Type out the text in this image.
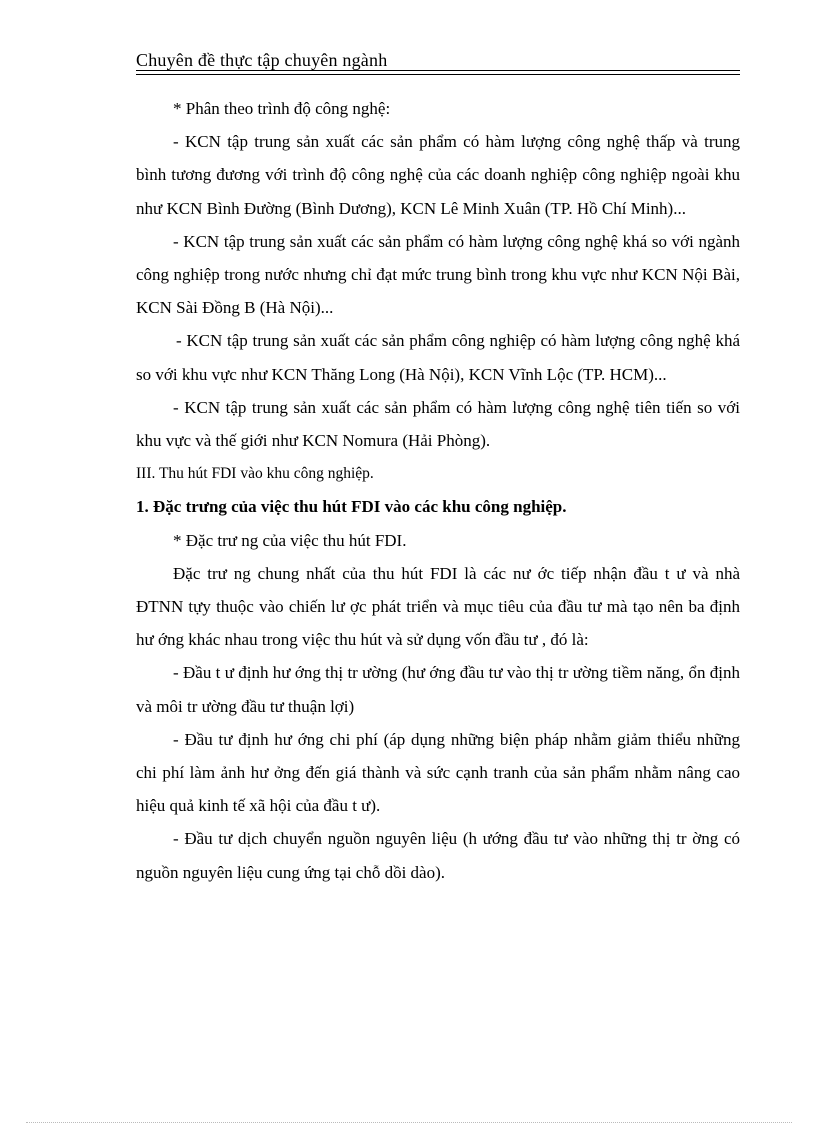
Chuyên đề thực tập chuyên ngành

* Phân theo trình độ công nghệ:

- KCN tập trung sản xuất các sản phẩm có hàm lượng công nghệ thấp và trung bình tương đương với trình độ công nghệ của các doanh nghiệp công nghiệp ngoài khu như KCN Bình Đường (Bình Dương), KCN Lê Minh Xuân (TP. Hồ Chí Minh)...

- KCN tập trung sản xuất các sản phẩm có hàm lượng công nghệ khá so với ngành công nghiệp trong nước nhưng chỉ đạt mức trung bình trong khu vực như KCN Nội Bài, KCN Sài Đồng B (Hà Nội)...

- KCN tập trung sản xuất các sản phẩm công nghiệp có hàm lượng công nghệ khá so với khu vực như KCN Thăng Long (Hà Nội), KCN Vĩnh Lộc (TP. HCM)...

- KCN tập trung sản xuất các sản phẩm có hàm lượng công nghệ tiên tiến so với khu vực và thế giới như KCN Nomura (Hải Phòng).

III. Thu hút FDI vào khu công nghiệp.

1. Đặc trưng của việc thu hút FDI vào các khu công nghiệp.

* Đặc trư ng của việc thu hút FDI.

Đặc trư ng chung nhất của thu hút FDI là các nư ớc tiếp nhận đầu t ư và nhà ĐTNN tựy thuộc vào chiến lư ợc phát triển và mục tiêu của đầu tư mà tạo nên ba định hư ớng khác nhau trong việc thu hút và sử dụng vốn đầu tư , đó là:

- Đầu t ư định hư ớng thị tr ường (hư ớng đầu tư vào thị tr ường tiềm năng, ổn định và môi tr ường đầu tư thuận lợi)

- Đầu tư định hư ớng chi phí (áp dụng những biện pháp nhằm giảm thiểu những chi phí làm ảnh hư ởng đến giá thành và sức cạnh tranh của sản phẩm nhằm nâng cao hiệu quả kinh tế xã hội của đầu t ư).

- Đầu tư dịch chuyển nguồn nguyên liệu (h ướng đầu tư vào những thị tr ờng có nguồn nguyên liệu cung ứng tại chỗ dồi dào).
